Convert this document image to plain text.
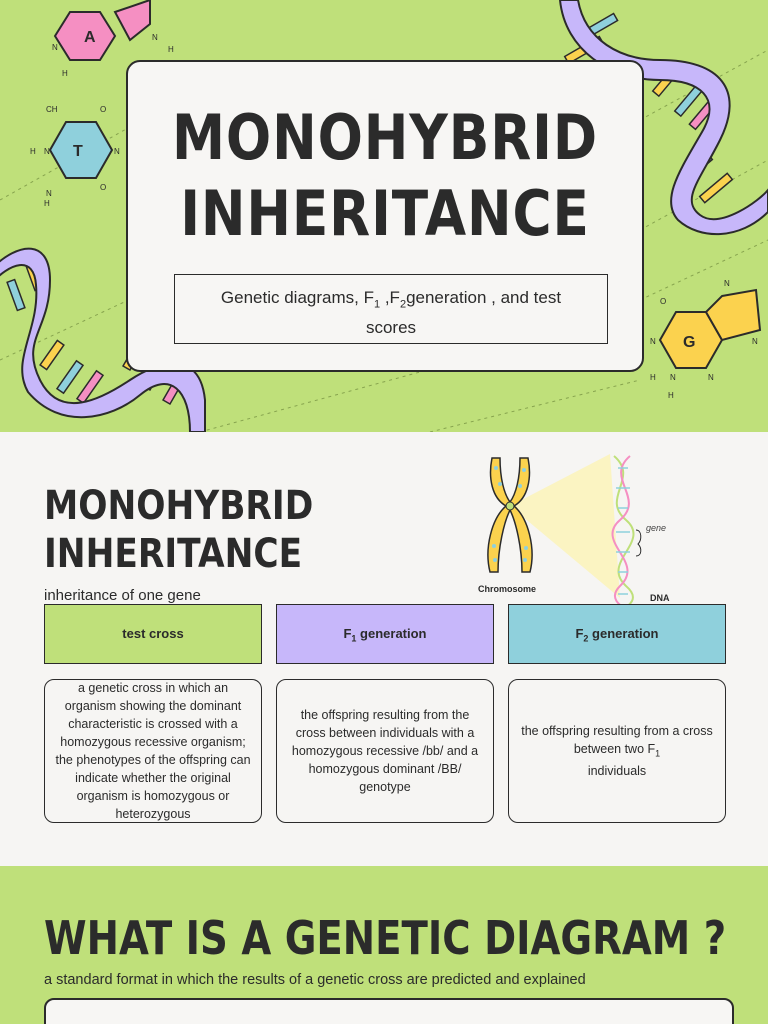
N
H
N
H
A
CH
H N
O
N
O
N
H
T
N
O
N	N
H N	N
H
G
MONOHYBRID
INHERITANCE
Genetic diagrams, $F_1$ $,F_2generation$ , and test
scores
MONOHYBRID
INHERITANCE
inheritance of one gene	Chromosome
DNA
gene
test cross	$F_1$ generation	$F_2$ generation
a genetic cross in which an organism showing the dominant characteristic is crossed with a homozygous recessive organism; the phenotypes of the offspring can indicate whether the original organism is homozygous or heterozygous
the offspring resulting from the cross between individuals with a homozygous recessive /bb/ and a homozygous dominant /BB/ genotype
the offspring resulting from a cross between two $F_1$
individuals
WHAT IS A GENETIC DIAGRAM ?
a standard format in which the results of a genetic cross are predicted and explained
